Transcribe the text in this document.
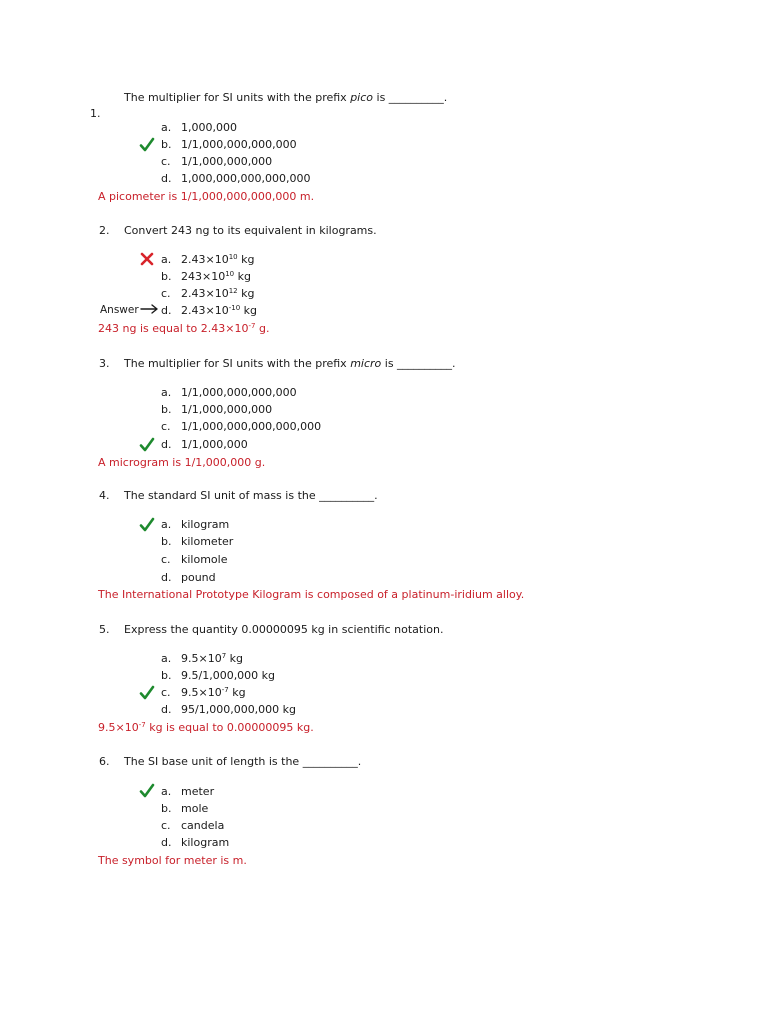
The multiplier for SI units with the prefix pico is __________.
1.
a. 1,000,000
b. 1/1,000,000,000,000
c. 1/1,000,000,000
d. 1,000,000,000,000,000
A picometer is 1/1,000,000,000,000 m.
2. Convert 243 ng to its equivalent in kilograms.
a. $2.43\times 10^{10}$ kg
b. $243\times 10^{10}$ kg
c. $2.43\times 10^{12}$ kg
Answer	d. $2.43\times 10^{-10}$ kg
243 ng is equal to $2.43\times 10^{-7}$ g.
3. The multiplier for SI units with the prefix micro is __________.
a. 1/1,000,000,000,000
b. 1/1,000,000,000
c. 1/1,000,000,000,000,000
d. 1/1,000,000
A microgram is 1/1,000,000 g.
4. The standard SI unit of mass is the __________.
a. kilogram
b. kilometer
c. kilomole
d. pound
The International Prototype Kilogram is composed of a platinum-iridium alloy.
5. Express the quantity 0.00000095 kg in scientific notation.
a. $9.5\times 10^7$ kg
b. 9.5/1,000,000 kg
c. $9.5\times 10^{-7}$ kg
d. 95/1,000,000,000 kg
$9.5\times 10^{-7}$ kg is equal to 0.00000095 kg.
6. The SI base unit of length is the __________.
a. meter
b. mole
c. candela
d. kilogram
The symbol for meter is m.
